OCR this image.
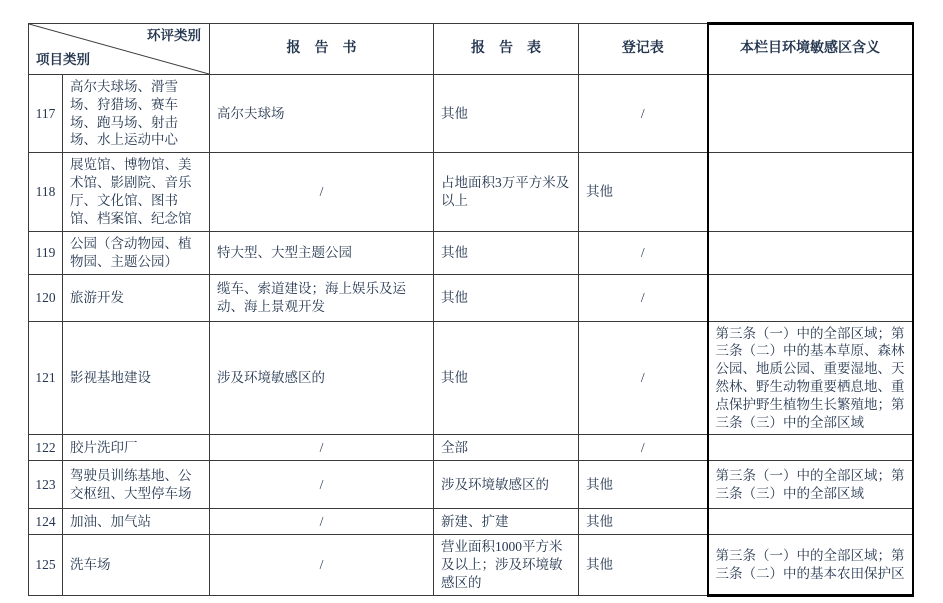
环评类别
项目类别		报　告　书	报　告　表	登记表	本栏目环境敏感区含义
117	高尔夫球场、滑雪场、狩猎场、赛车场、跑马场、射击场、水上运动中心	高尔夫球场	其他	/	
118	展览馆、博物馆、美术馆、影剧院、音乐厅、文化馆、图书馆、档案馆、纪念馆	/	占地面积3万平方米及以上	其他	
119	公园（含动物园、植物园、主题公园）	特大型、大型主题公园	其他	/	
120	旅游开发	缆车、索道建设；海上娱乐及运动、海上景观开发	其他	/	
121	影视基地建设	涉及环境敏感区的	其他	/	第三条（一）中的全部区域；第三条（二）中的基本草原、森林公园、地质公园、重要湿地、天然林、野生动物重要栖息地、重点保护野生植物生长繁殖地；第三条（三）中的全部区域
122	胶片洗印厂	/	全部	/	
123	驾驶员训练基地、公交枢纽、大型停车场	/	涉及环境敏感区的	其他	第三条（一）中的全部区域；第三条（三）中的全部区域
124	加油、加气站	/	新建、扩建	其他	
125	洗车场	/	营业面积1000平方米及以上；涉及环境敏感区的	其他	第三条（一）中的全部区域；第三条（二）中的基本农田保护区
